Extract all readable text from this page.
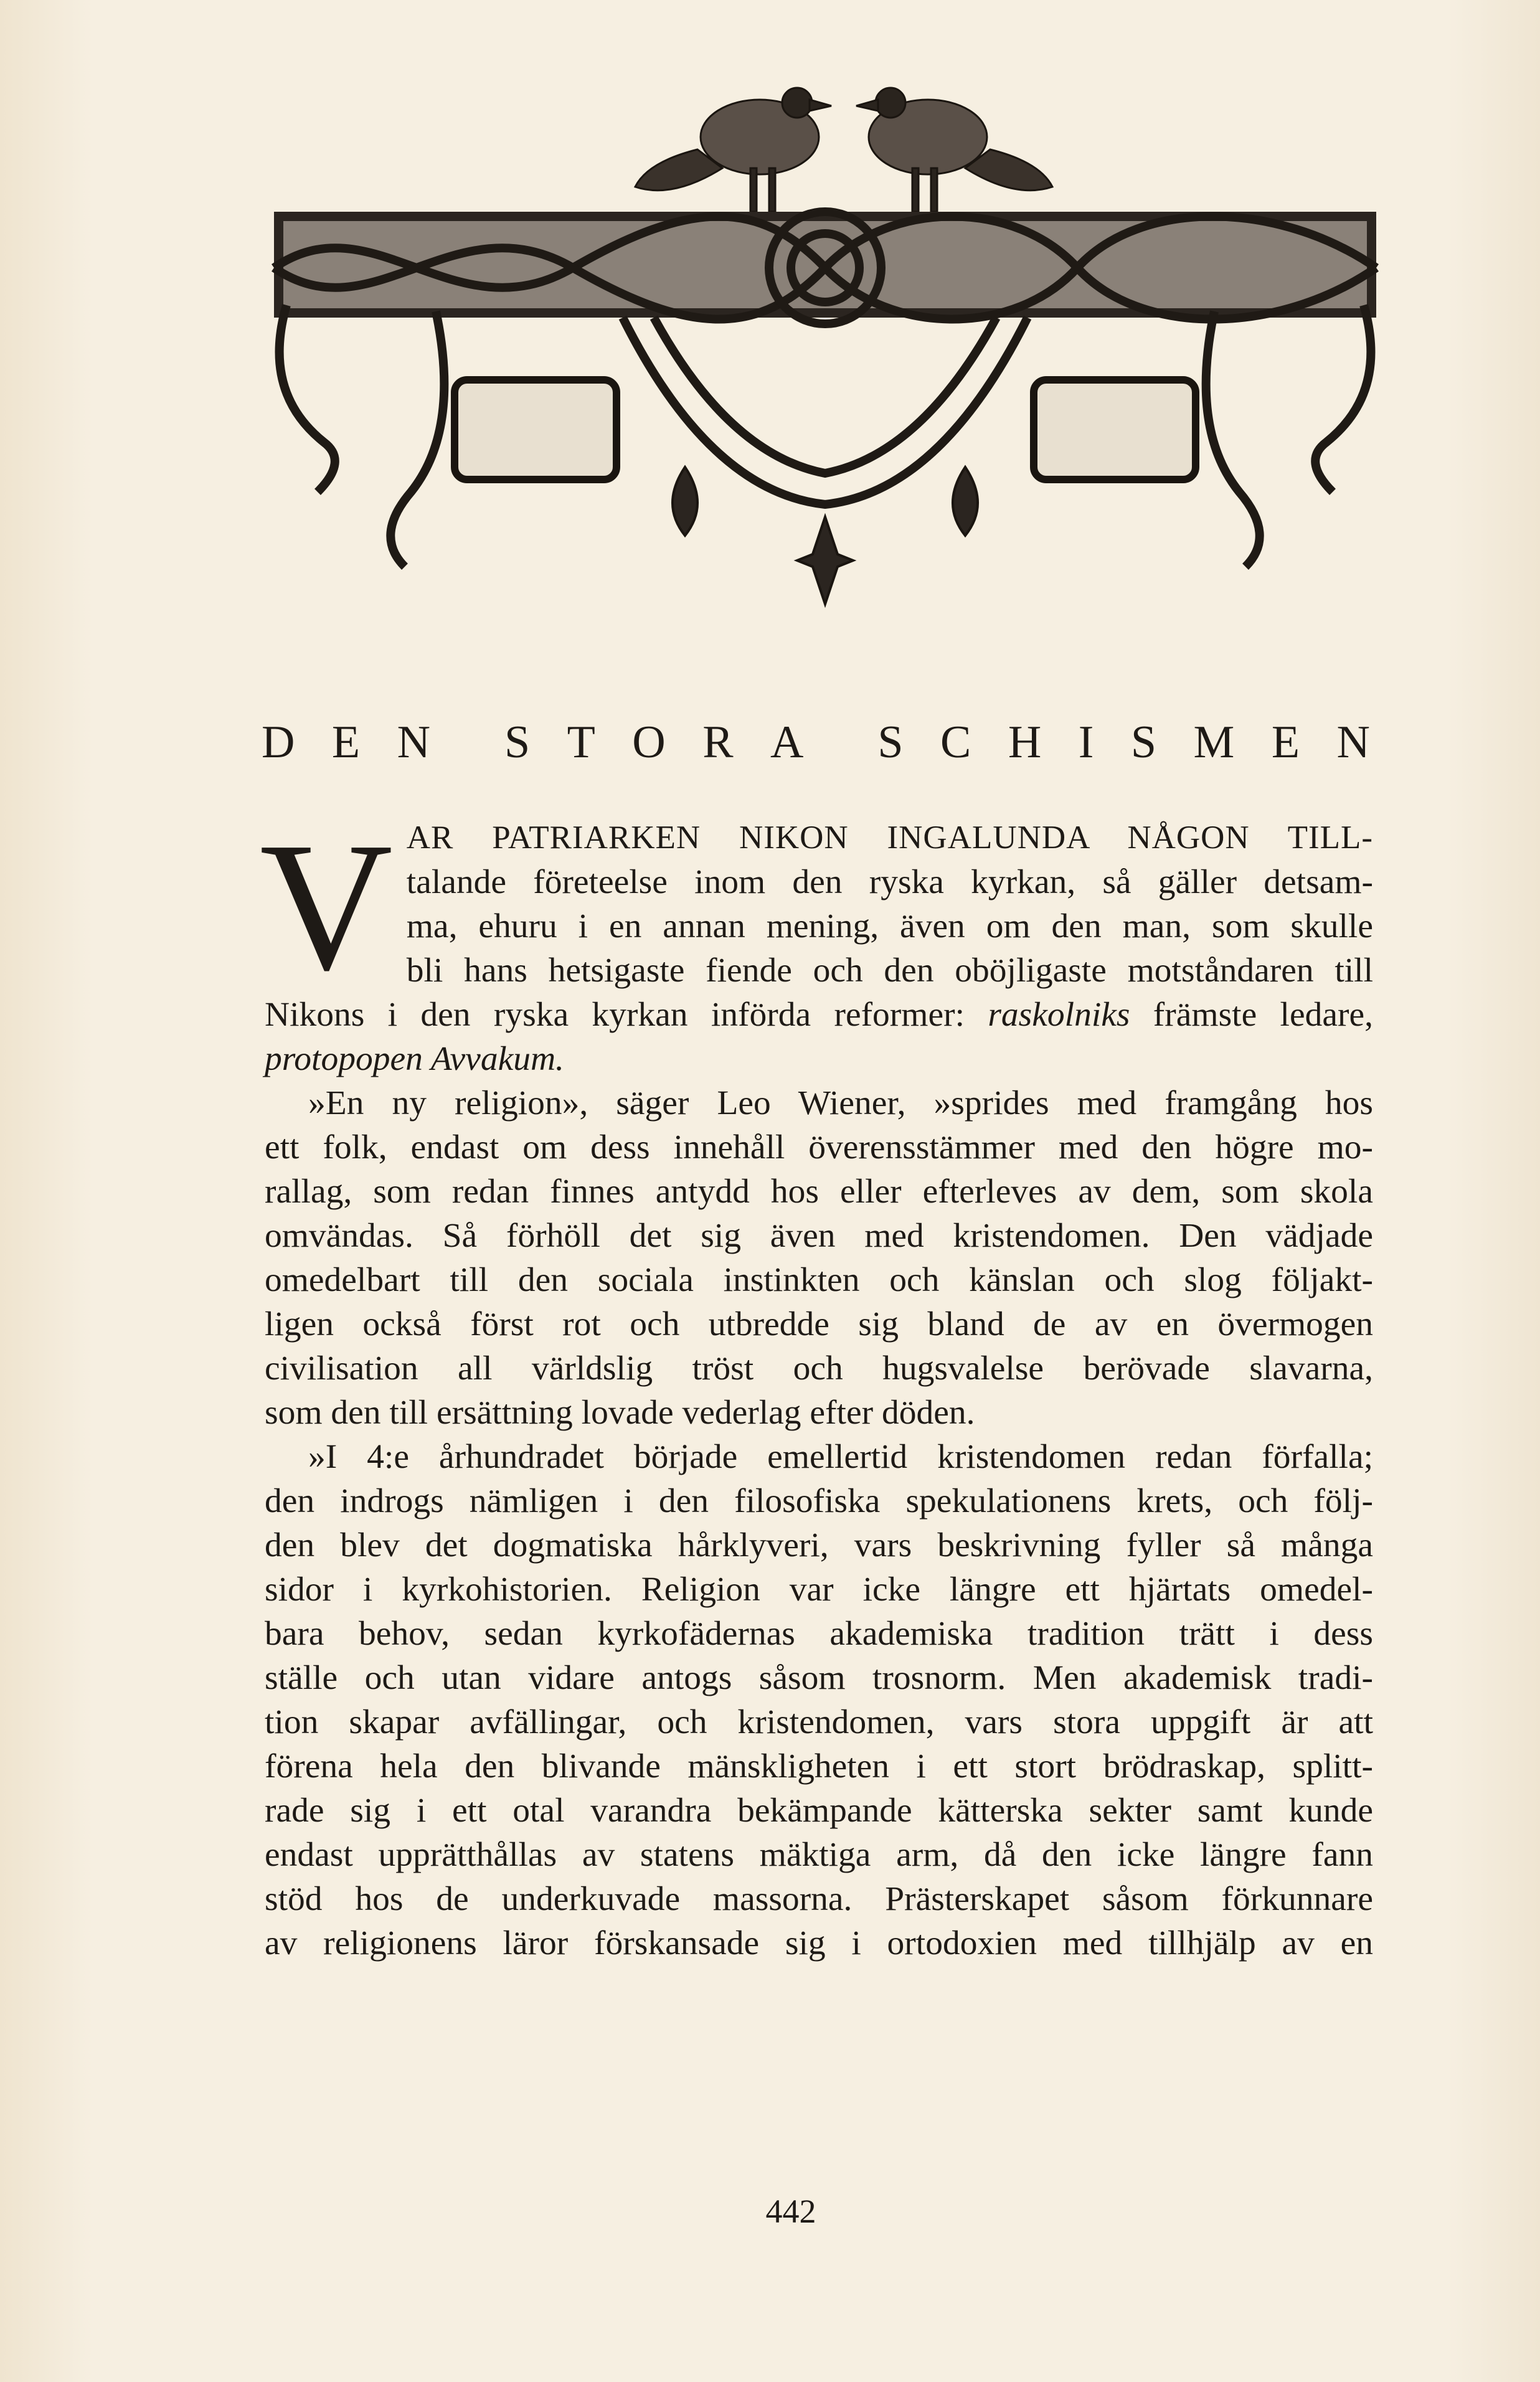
D E N S T O R A S C H I S M E N
V AR PATRIARKEN NIKON INGALUNDA NÅGON TILL-
talande företeelse inom den ryska kyrkan, så gäller detsam-
ma, ehuru i en annan mening, även om den man, som skulle
bli hans hetsigaste fiende och den oböjligaste motståndaren till
Nikons i den ryska kyrkan införda reformer: raskolniks främste ledare,
protopopen Avvakum.
»En ny religion», säger Leo Wiener, »sprides med framgång hos
ett folk, endast om dess innehåll överensstämmer med den högre mo-
rallag, som redan finnes antydd hos eller efterleves av dem, som skola
omvändas. Så förhöll det sig även med kristendomen. Den vädjade
omedelbart till den sociala instinkten och känslan och slog följakt-
ligen också först rot och utbredde sig bland de av en övermogen
civilisation all världslig tröst och hugsvalelse berövade slavarna,
som den till ersättning lovade vederlag efter döden.
»I 4:e århundradet började emellertid kristendomen redan förfalla;
den indrogs nämligen i den filosofiska spekulationens krets, och följ-
den blev det dogmatiska hårklyveri, vars beskrivning fyller så många
sidor i kyrkohistorien. Religion var icke längre ett hjärtats omedel-
bara behov, sedan kyrkofädernas akademiska tradition trätt i dess
ställe och utan vidare antogs såsom trosnorm. Men akademisk tradi-
tion skapar avfällingar, och kristendomen, vars stora uppgift är att
förena hela den blivande mänskligheten i ett stort brödraskap, splitt-
rade sig i ett otal varandra bekämpande kätterska sekter samt kunde
endast upprätthållas av statens mäktiga arm, då den icke längre fann
stöd hos de underkuvade massorna. Prästerskapet såsom förkunnare
av religionens läror förskansade sig i ortodoxien med tillhjälp av en
442
